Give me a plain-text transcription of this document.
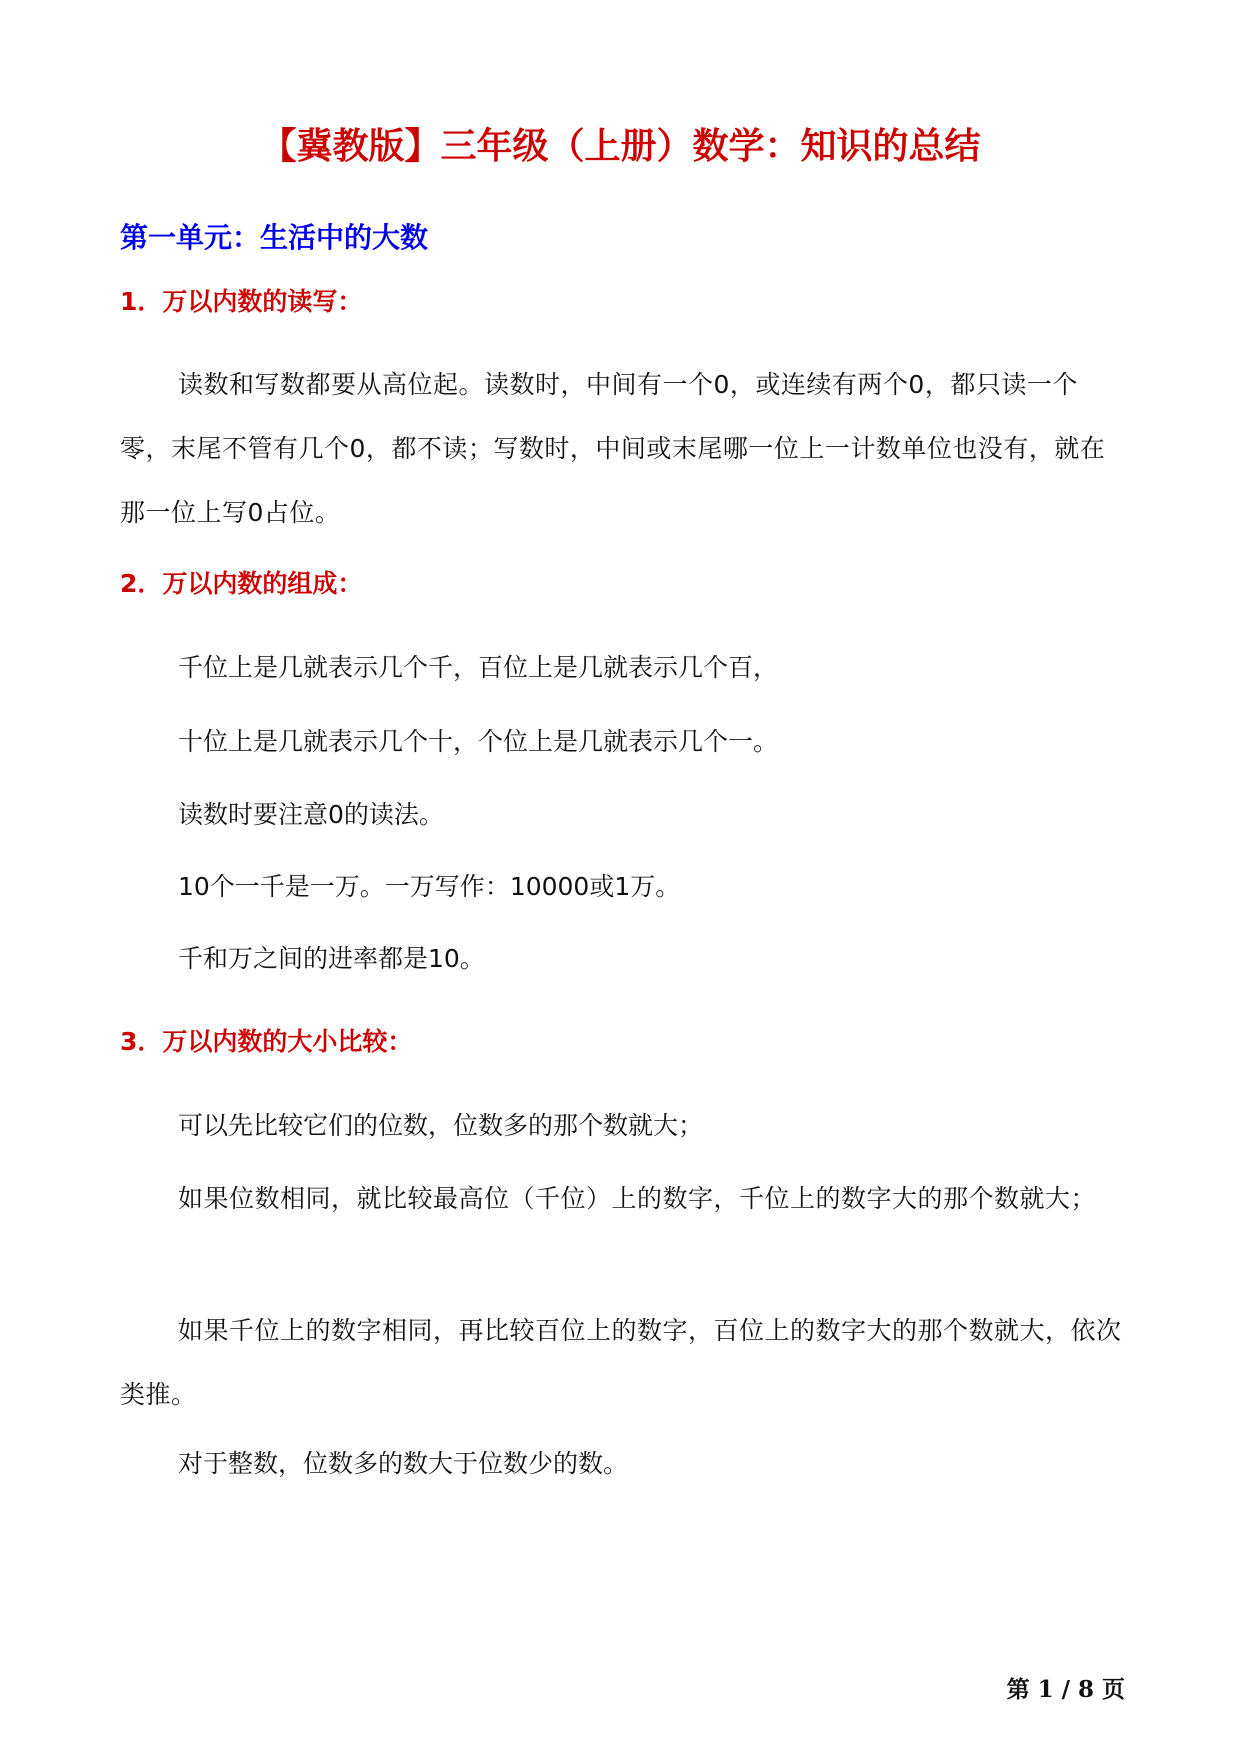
【冀教版】三年级（上册）数学：知识的总结
第一单元：生活中的大数
1．万以内数的读写：

读数和写数都要从高位起。读数时，中间有一个0，或连续有两个0，都只读一个零，末尾不管有几个0，都不读；写数时，中间或末尾哪一位上一计数单位也没有，就在那一位上写0占位。

2．万以内数的组成：

千位上是几就表示几个千，百位上是几就表示几个百，

十位上是几就表示几个十，个位上是几就表示几个一。

读数时要注意0的读法。

10个一千是一万。一万写作：10000或1万。

千和万之间的进率都是10。

3．万以内数的大小比较：

可以先比较它们的位数，位数多的那个数就大；

如果位数相同，就比较最高位（千位）上的数字，千位上的数字大的那个数就大；

如果千位上的数字相同，再比较百位上的数字，百位上的数字大的那个数就大，依次类推。

对于整数，位数多的数大于位数少的数。

第 1 / 8 页
